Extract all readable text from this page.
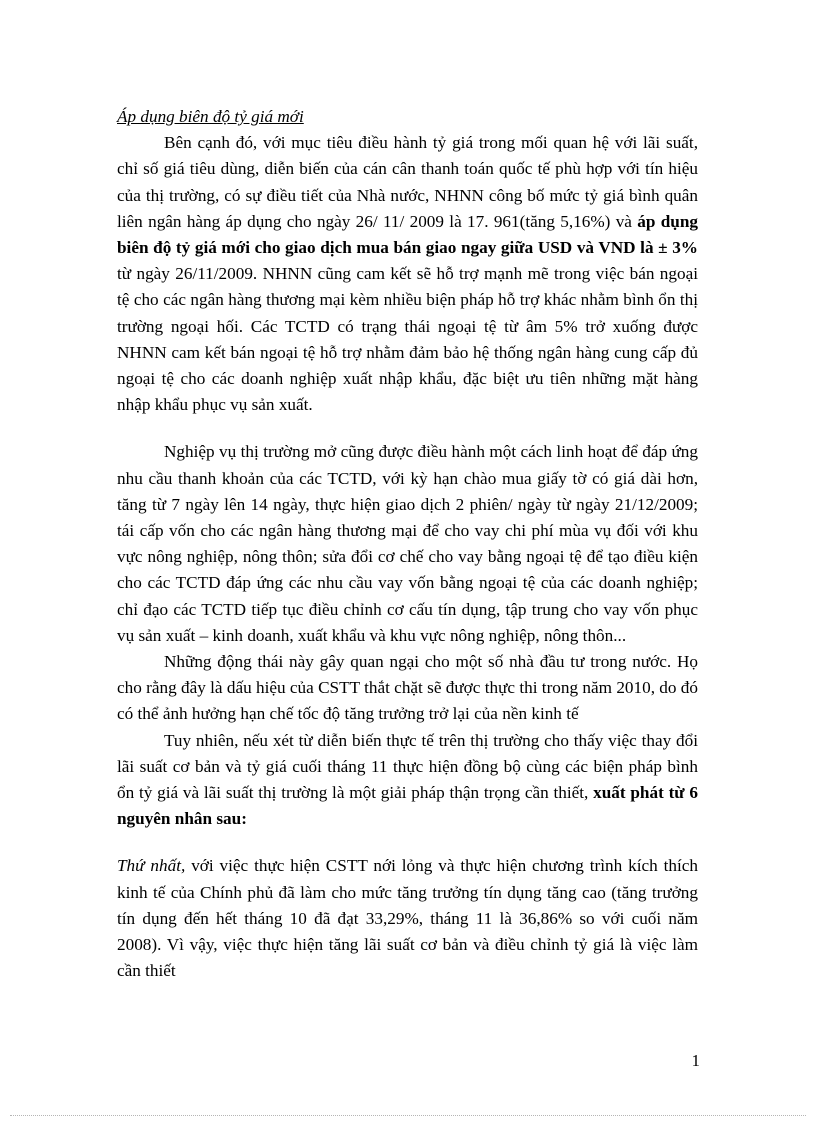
Áp dụng biên độ tỷ giá mới

Bên cạnh đó, với mục tiêu điều hành tỷ giá trong mối quan hệ với lãi suất, chỉ số giá tiêu dùng, diễn biến của cán cân thanh toán quốc tế phù hợp với tín hiệu của thị trường, có sự điều tiết của Nhà nước, NHNN công bố mức tỷ giá bình quân liên ngân hàng áp dụng cho ngày 26/ 11/ 2009 là 17. 961(tăng 5,16%) và áp dụng biên độ tỷ giá mới cho giao dịch mua bán giao ngay giữa USD và VND là ± 3% từ ngày 26/11/2009. NHNN cũng cam kết sẽ hỗ trợ mạnh mẽ trong việc bán ngoại tệ cho các ngân hàng thương mại kèm nhiều biện pháp hỗ trợ khác nhằm bình ổn thị trường ngoại hối. Các TCTD có trạng thái ngoại tệ từ âm 5% trở xuống được NHNN cam kết bán ngoại tệ hỗ trợ nhằm đảm bảo hệ thống ngân hàng cung cấp đủ ngoại tệ cho các doanh nghiệp xuất nhập khẩu, đặc biệt ưu tiên những mặt hàng nhập khẩu phục vụ sản xuất.

Nghiệp vụ thị trường mở cũng được điều hành một cách linh hoạt để đáp ứng nhu cầu thanh khoản của các TCTD, với kỳ hạn chào mua giấy tờ có giá dài hơn, tăng từ 7 ngày lên 14 ngày, thực hiện giao dịch 2 phiên/ ngày từ ngày 21/12/2009; tái cấp vốn cho các ngân hàng thương mại để cho vay chi phí mùa vụ đối với khu vực nông nghiệp, nông thôn; sửa đổi cơ chế cho vay bằng ngoại tệ để tạo điều kiện cho các TCTD đáp ứng các nhu cầu vay vốn bằng ngoại tệ của các doanh nghiệp; chỉ đạo các TCTD tiếp tục điều chỉnh cơ cấu tín dụng, tập trung cho vay vốn phục vụ sản xuất – kinh doanh, xuất khẩu và khu vực nông nghiệp, nông thôn...

Những động thái này gây quan ngại cho một số nhà đầu tư trong nước. Họ cho rằng đây là dấu hiệu của CSTT thắt chặt sẽ được thực thi trong năm 2010, do đó có thể ảnh hưởng hạn chế tốc độ tăng trưởng trở lại của nền kinh tế

Tuy nhiên, nếu xét từ diễn biến thực tế trên thị trường cho thấy việc thay đổi lãi suất cơ bản và tỷ giá cuối tháng 11 thực hiện đồng bộ cùng các biện pháp bình ổn tỷ giá và lãi suất thị trường là một giải pháp thận trọng cần thiết, xuất phát từ 6 nguyên nhân sau:

Thứ nhất, với việc thực hiện CSTT nới lỏng và thực hiện chương trình kích thích kinh tế của Chính phủ đã làm cho mức tăng trưởng tín dụng tăng cao (tăng trưởng tín dụng đến hết tháng 10 đã đạt 33,29%, tháng 11 là 36,86% so với cuối năm 2008). Vì vậy, việc thực hiện tăng lãi suất cơ bản và điều chỉnh tỷ giá là việc làm cần thiết

1
